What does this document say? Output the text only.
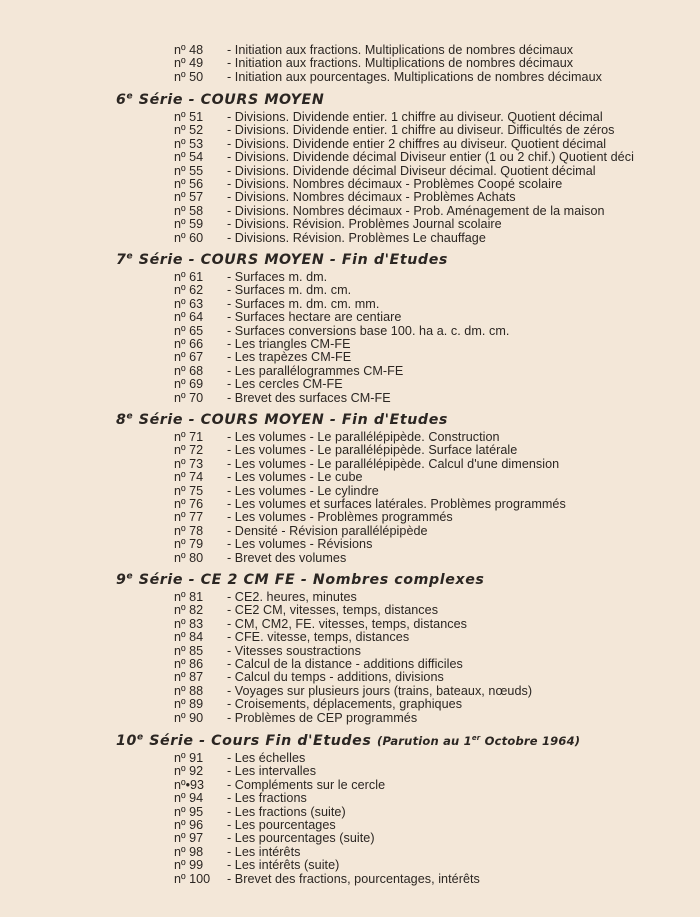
nº 48 - Initiation aux fractions. Multiplications de nombres décimaux
nº 49 - Initiation aux fractions. Multiplications de nombres décimaux
nº 50 - Initiation aux pourcentages. Multiplications de nombres décimaux
6e Série - COURS MOYEN
nº 51 - Divisions. Dividende entier. 1 chiffre au diviseur. Quotient décimal
nº 52 - Divisions. Dividende entier. 1 chiffre au diviseur. Difficultés de zéros
nº 53 - Divisions. Dividende entier 2 chiffres au diviseur. Quotient décimal
nº 54 - Divisions. Dividende décimal Diviseur entier (1 ou 2 chif.) Quotient déci
nº 55 - Divisions. Dividende décimal Diviseur décimal. Quotient décimal
nº 56 - Divisions. Nombres décimaux - Problèmes Coopé scolaire
nº 57 - Divisions. Nombres décimaux - Problèmes Achats
nº 58 - Divisions. Nombres décimaux - Prob. Aménagement de la maison
nº 59 - Divisions. Révision. Problèmes Journal scolaire
nº 60 - Divisions. Révision. Problèmes Le chauffage
7e Série - COURS MOYEN - Fin d'Etudes
nº 61 - Surfaces m. dm.
nº 62 - Surfaces m. dm. cm.
nº 63 - Surfaces m. dm. cm. mm.
nº 64 - Surfaces hectare are centiare
nº 65 - Surfaces conversions base 100. ha a. c. dm. cm.
nº 66 - Les triangles CM-FE
nº 67 - Les trapèzes CM-FE
nº 68 - Les parallélogrammes CM-FE
nº 69 - Les cercles CM-FE
nº 70 - Brevet des surfaces CM-FE
8e Série - COURS MOYEN - Fin d'Etudes
nº 71 - Les volumes - Le parallélépipède. Construction
nº 72 - Les volumes - Le parallélépipède. Surface latérale
nº 73 - Les volumes - Le parallélépipède. Calcul d'une dimension
nº 74 - Les volumes - Le cube
nº 75 - Les volumes - Le cylindre
nº 76 - Les volumes et surfaces latérales. Problèmes programmés
nº 77 - Les volumes - Problèmes programmés
nº 78 - Densité - Révision parallélépipède
nº 79 - Les volumes - Révisions
nº 80 - Brevet des volumes
9e Série - CE 2 CM FE - Nombres complexes
nº 81 - CE2. heures, minutes
nº 82 - CE2 CM, vitesses, temps, distances
nº 83 - CM, CM2, FE. vitesses, temps, distances
nº 84 - CFE. vitesse, temps, distances
nº 85 - Vitesses soustractions
nº 86 - Calcul de la distance - additions difficiles
nº 87 - Calcul du temps - additions, divisions
nº 88 - Voyages sur plusieurs jours (trains, bateaux, nœuds)
nº 89 - Croisements, déplacements, graphiques
nº 90 - Problèmes de CEP programmés
10e Série - Cours Fin d'Etudes (Parution au 1er Octobre 1964)
nº 91 - Les échelles
nº 92 - Les intervalles
nº•93 - Compléments sur le cercle
nº 94 - Les fractions
nº 95 - Les fractions (suite)
nº 96 - Les pourcentages
nº 97 - Les pourcentages (suite)
nº 98 - Les intérêts
nº 99 - Les intérêts (suite)
nº 100 - Brevet des fractions, pourcentages, intérêts
